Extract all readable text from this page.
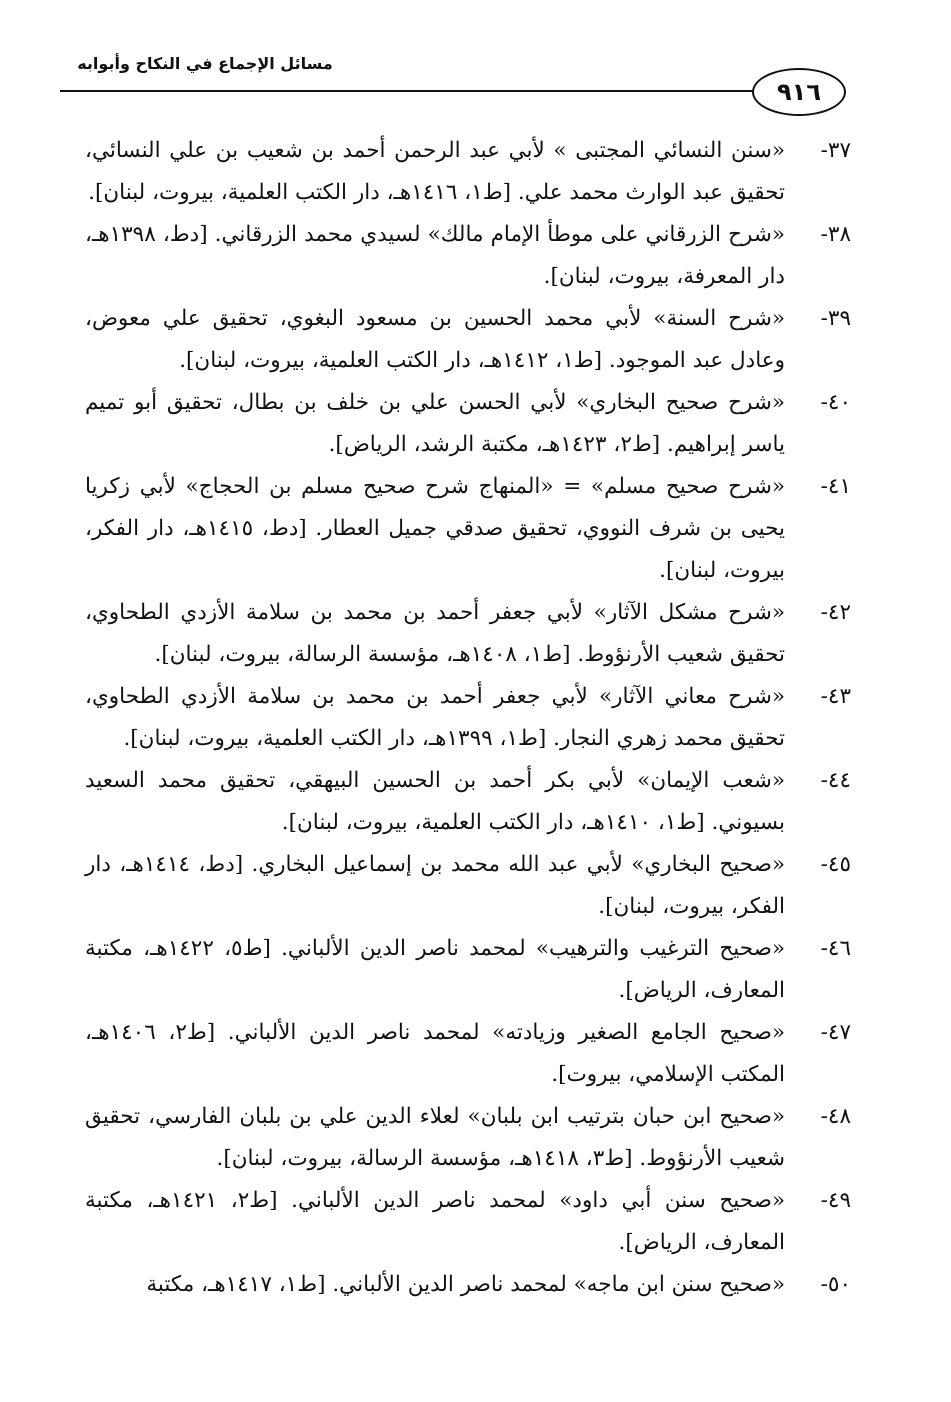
مسائل الإجماع في النكاح وأبوابه
٩١٦
٣٧-
«سنن النسائي المجتبى » لأبي عبد الرحمن أحمد بن شعيب بن علي النسائي، تحقيق عبد الوارث محمد علي. [ط١، ١٤١٦هـ، دار الكتب العلمية، بيروت، لبنان].
٣٨-
«شرح الزرقاني على موطأ الإمام مالك» لسيدي محمد الزرقاني. [دط، ١٣٩٨هـ، دار المعرفة، بيروت، لبنان].
٣٩-
«شرح السنة» لأبي محمد الحسين بن مسعود البغوي، تحقيق علي معوض، وعادل عبد الموجود. [ط١، ١٤١٢هـ، دار الكتب العلمية، بيروت، لبنان].
٤٠-
«شرح صحيح البخاري» لأبي الحسن علي بن خلف بن بطال، تحقيق أبو تميم ياسر إبراهيم. [ط٢، ١٤٢٣هـ، مكتبة الرشد، الرياض].
٤١-
«شرح صحيح مسلم» = «المنهاج شرح صحيح مسلم بن الحجاج» لأبي زكريا يحيى بن شرف النووي، تحقيق صدقي جميل العطار. [دط، ١٤١٥هـ، دار الفكر، بيروت، لبنان].
٤٢-
«شرح مشكل الآثار» لأبي جعفر أحمد بن محمد بن سلامة الأزدي الطحاوي، تحقيق شعيب الأرنؤوط. [ط١، ١٤٠٨هـ، مؤسسة الرسالة، بيروت، لبنان].
٤٣-
«شرح معاني الآثار» لأبي جعفر أحمد بن محمد بن سلامة الأزدي الطحاوي، تحقيق محمد زهري النجار. [ط١، ١٣٩٩هـ، دار الكتب العلمية، بيروت، لبنان].
٤٤-
«شعب الإيمان» لأبي بكر أحمد بن الحسين البيهقي، تحقيق محمد السعيد بسيوني. [ط١، ١٤١٠هـ، دار الكتب العلمية، بيروت، لبنان].
٤٥-
«صحيح البخاري» لأبي عبد الله محمد بن إسماعيل البخاري. [دط، ١٤١٤هـ، دار الفكر، بيروت، لبنان].
٤٦-
«صحيح الترغيب والترهيب» لمحمد ناصر الدين الألباني. [ط٥، ١٤٢٢هـ، مكتبة المعارف، الرياض].
٤٧-
«صحيح الجامع الصغير وزيادته» لمحمد ناصر الدين الألباني. [ط٢، ١٤٠٦هـ، المكتب الإسلامي، بيروت].
٤٨-
«صحيح ابن حبان بترتيب ابن بلبان» لعلاء الدين علي بن بلبان الفارسي، تحقيق شعيب الأرنؤوط. [ط٣، ١٤١٨هـ، مؤسسة الرسالة، بيروت، لبنان].
٤٩-
«صحيح سنن أبي داود» لمحمد ناصر الدين الألباني. [ط٢، ١٤٢١هـ، مكتبة المعارف، الرياض].
٥٠-
«صحيح سنن ابن ماجه» لمحمد ناصر الدين الألباني. [ط١، ١٤١٧هـ، مكتبة
